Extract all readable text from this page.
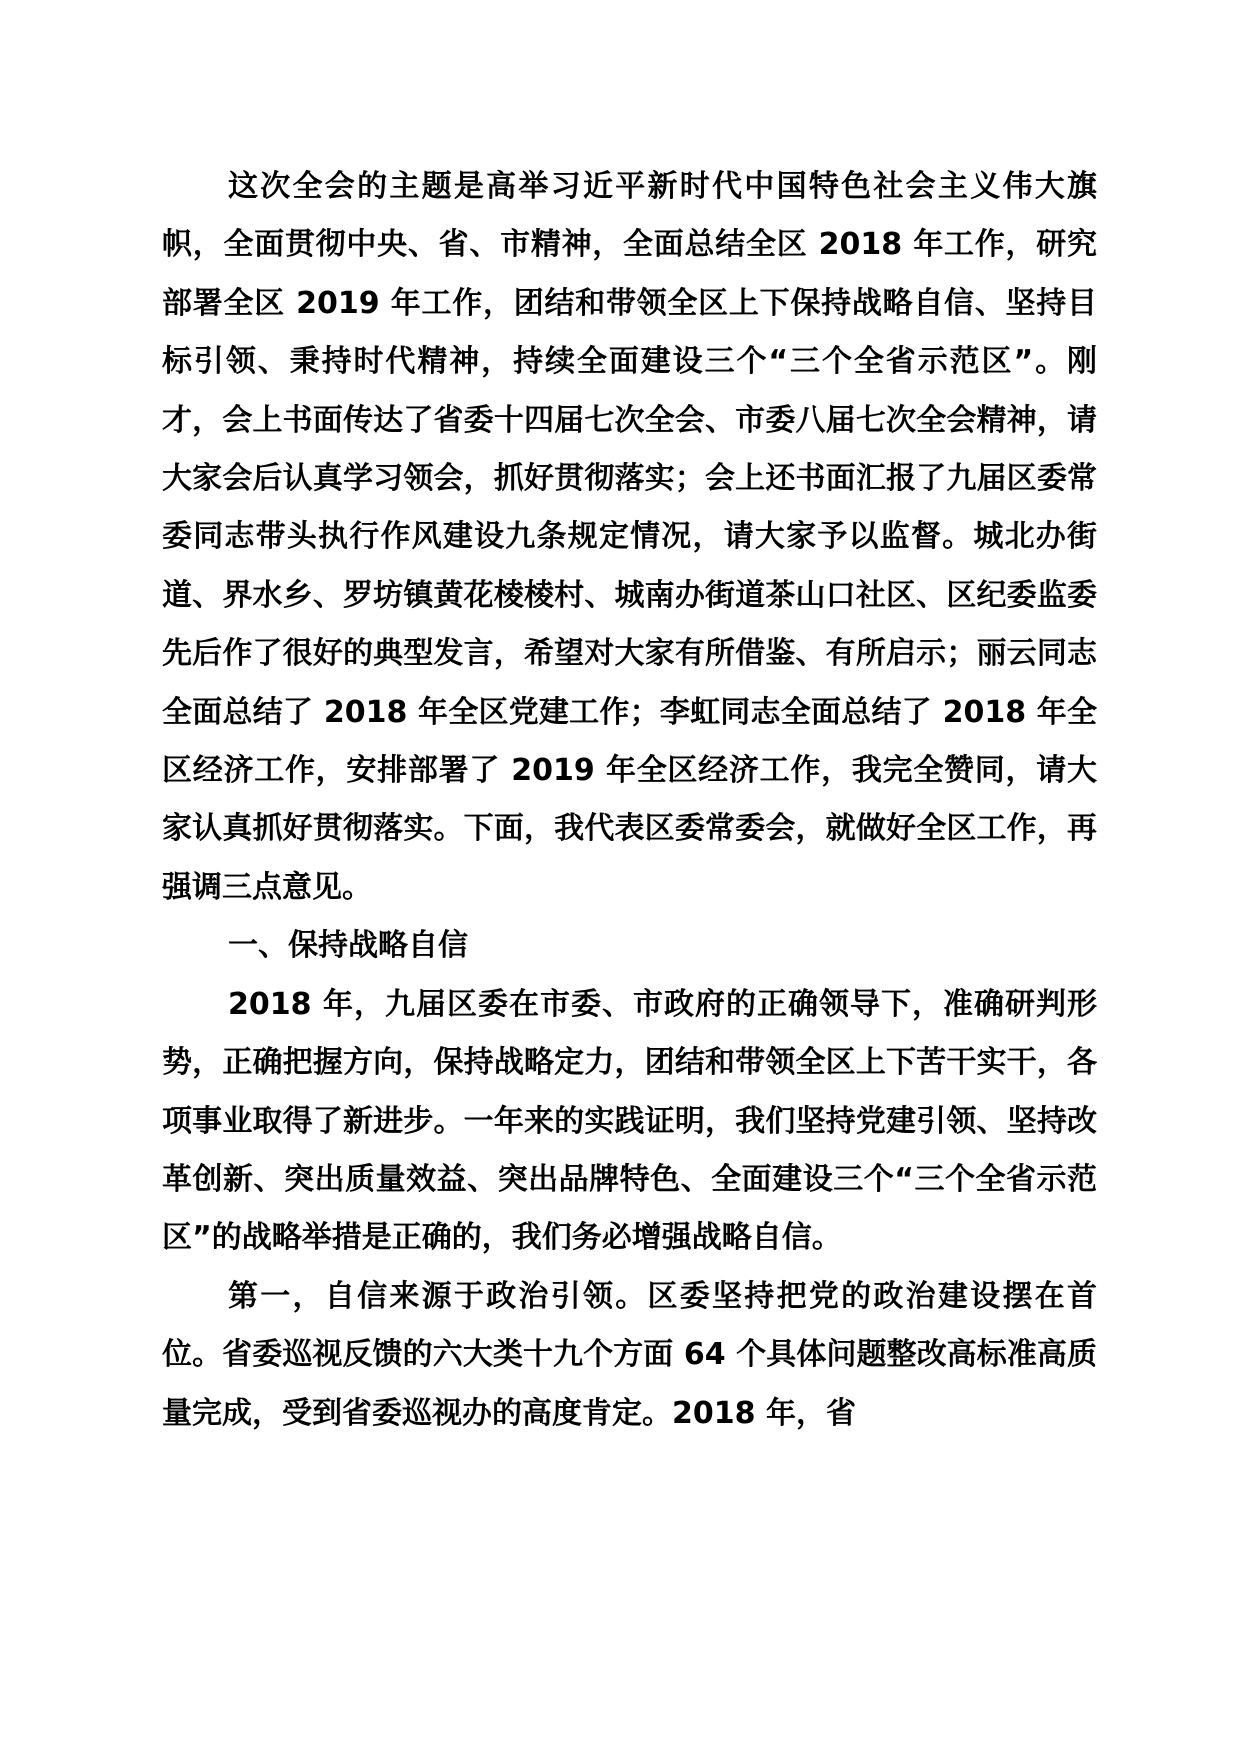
这次全会的主题是高举习近平新时代中国特色社会主义伟大旗帜，全面贯彻中央、省、市精神，全面总结全区 2018 年工作，研究部署全区 2019 年工作，团结和带领全区上下保持战略自信、坚持目标引领、秉持时代精神，持续全面建设三个“三个全省示范区”。刚才，会上书面传达了省委十四届七次全会、市委八届七次全会精神，请大家会后认真学习领会，抓好贯彻落实；会上还书面汇报了九届区委常委同志带头执行作风建设九条规定情况，请大家予以监督。城北办街道、界水乡、罗坊镇黄花棱棱村、城南办街道茶山口社区、区纪委监委先后作了很好的典型发言，希望对大家有所借鉴、有所启示；丽云同志全面总结了 2018 年全区党建工作；李虹同志全面总结了 2018 年全区经济工作，安排部署了 2019 年全区经济工作，我完全赞同，请大家认真抓好贯彻落实。下面，我代表区委常委会，就做好全区工作，再强调三点意见。

一、保持战略自信

2018 年，九届区委在市委、市政府的正确领导下，准确研判形势，正确把握方向，保持战略定力，团结和带领全区上下苦干实干，各项事业取得了新进步。一年来的实践证明，我们坚持党建引领、坚持改革创新、突出质量效益、突出品牌特色、全面建设三个“三个全省示范区”的战略举措是正确的，我们务必增强战略自信。

第一，自信来源于政治引领。区委坚持把党的政治建设摆在首位。省委巡视反馈的六大类十九个方面 64 个具体问题整改高标准高质量完成，受到省委巡视办的高度肯定。2018 年，省
